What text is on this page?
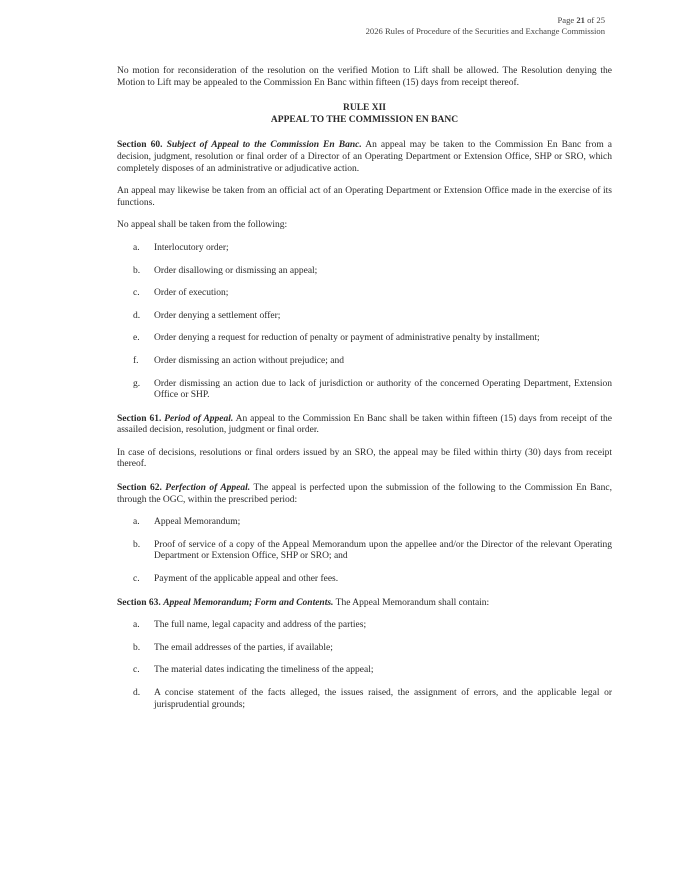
Page 21 of 25
2026 Rules of Procedure of the Securities and Exchange Commission

No motion for reconsideration of the resolution on the verified Motion to Lift shall be allowed. The Resolution denying the Motion to Lift may be appealed to the Commission En Banc within fifteen (15) days from receipt thereof.

RULE XII
APPEAL TO THE COMMISSION EN BANC

Section 60. Subject of Appeal to the Commission En Banc. An appeal may be taken to the Commission En Banc from a decision, judgment, resolution or final order of a Director of an Operating Department or Extension Office, SHP or SRO, which completely disposes of an administrative or adjudicative action.

An appeal may likewise be taken from an official act of an Operating Department or Extension Office made in the exercise of its functions.

No appeal shall be taken from the following:

a. Interlocutory order;
b. Order disallowing or dismissing an appeal;
c. Order of execution;
d. Order denying a settlement offer;
e. Order denying a request for reduction of penalty or payment of administrative penalty by installment;
f. Order dismissing an action without prejudice; and
g. Order dismissing an action due to lack of jurisdiction or authority of the concerned Operating Department, Extension Office or SHP.

Section 61. Period of Appeal. An appeal to the Commission En Banc shall be taken within fifteen (15) days from receipt of the assailed decision, resolution, judgment or final order.

In case of decisions, resolutions or final orders issued by an SRO, the appeal may be filed within thirty (30) days from receipt thereof.

Section 62. Perfection of Appeal. The appeal is perfected upon the submission of the following to the Commission En Banc, through the OGC, within the prescribed period:

a. Appeal Memorandum;
b. Proof of service of a copy of the Appeal Memorandum upon the appellee and/or the Director of the relevant Operating Department or Extension Office, SHP or SRO; and
c. Payment of the applicable appeal and other fees.

Section 63. Appeal Memorandum; Form and Contents. The Appeal Memorandum shall contain:

a. The full name, legal capacity and address of the parties;
b. The email addresses of the parties, if available;
c. The material dates indicating the timeliness of the appeal;
d. A concise statement of the facts alleged, the issues raised, the assignment of errors, and the applicable legal or jurisprudential grounds;
